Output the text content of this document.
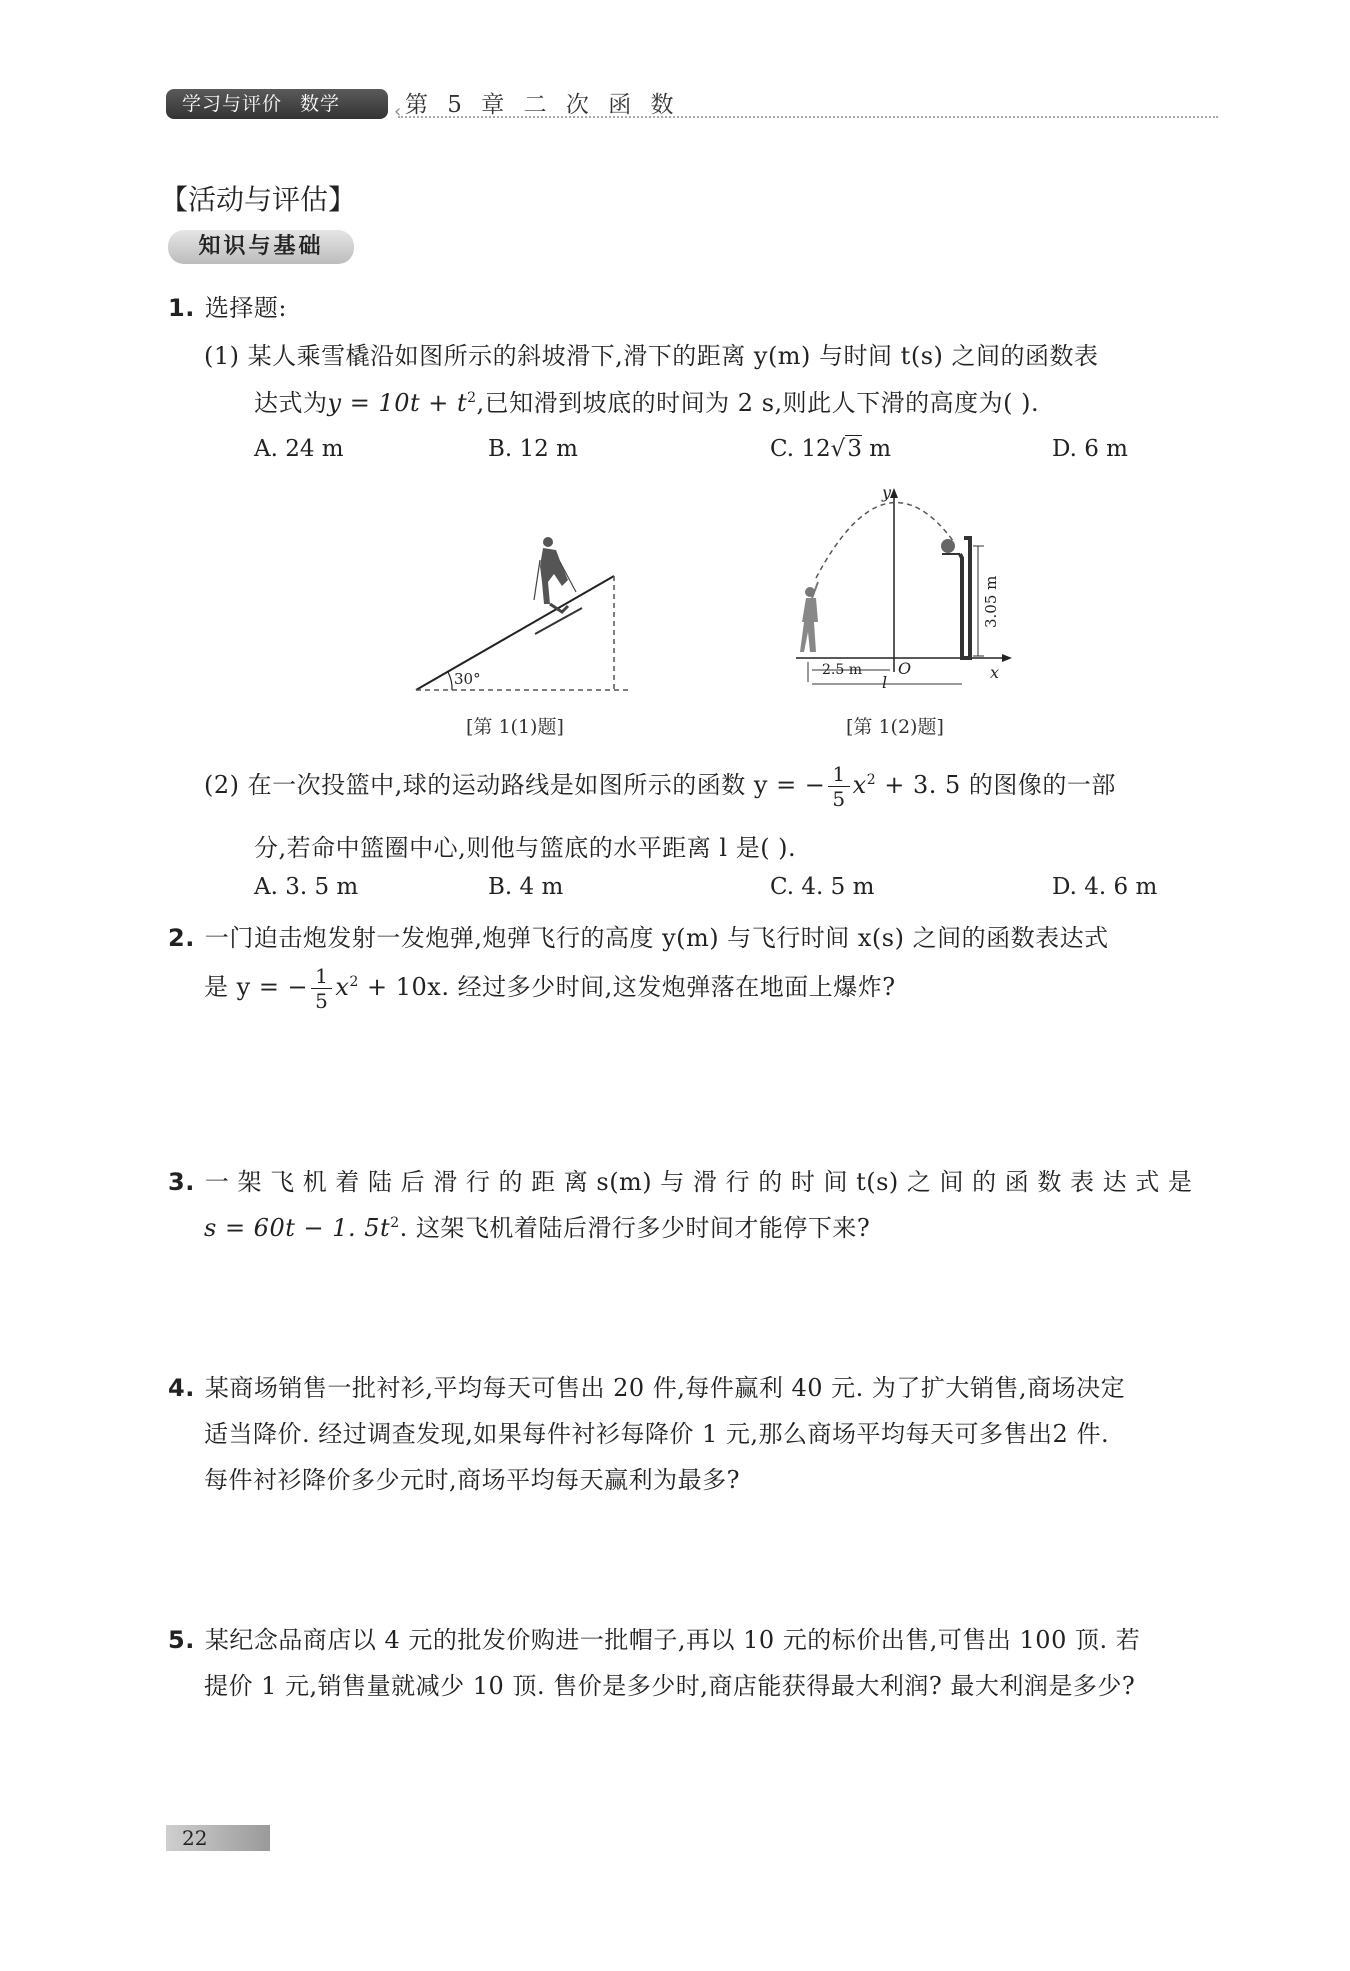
学习与评价 数学	‹ 第 5 章 二 次 函 数
【活动与评估】
知识与基础
1. 选择题:
(1) 某人乘雪橇沿如图所示的斜坡滑下,滑下的距离 y(m) 与时间 t(s) 之间的函数表
达式为$y = 10t + t^2$,已知滑到坡底的时间为 2 s,则此人下滑的高度为( ).
A. 24 m	B. 12 m	C. 12√3 m	D. 6 m
30°
[第 1(1)题]
x
y
O
3.05 m
2.5 m
l
[第 1(2)题]
(2) 在一次投篮中,球的运动路线是如图所示的函数 y = − $\frac{1}{5} x^2 + 3$. 5 的图像的一部
分,若命中篮圈中心,则他与篮底的水平距离 l 是( ).
A. 3. 5 m	B. 4 m	C. 4. 5 m	D. 4. 6 m
2. 一门迫击炮发射一发炮弹,炮弹飞行的高度 y(m) 与飞行时间 x(s) 之间的函数表达式
是 y = − $\frac{1}{5} x^2 + 10x$. 经过多少时间,这发炮弹落在地面上爆炸?
3. 一 架 飞 机 着 陆 后 滑 行 的 距 离 s(m) 与 滑 行 的 时 间 t(s) 之 间 的 函 数 表 达 式 是
s = 60t − 1. $5t^2$. 这架飞机着陆后滑行多少时间才能停下来?
4. 某商场销售一批衬衫,平均每天可售出 20 件,每件赢利 40 元. 为了扩大销售,商场决定
适当降价. 经过调查发现,如果每件衬衫每降价 1 元,那么商场平均每天可多售出2 件.
每件衬衫降价多少元时,商场平均每天赢利为最多?
5. 某纪念品商店以 4 元的批发价购进一批帽子,再以 10 元的标价出售,可售出 100 顶. 若
提价 1 元,销售量就减少 10 顶. 售价是多少时,商店能获得最大利润? 最大利润是多少?
22
